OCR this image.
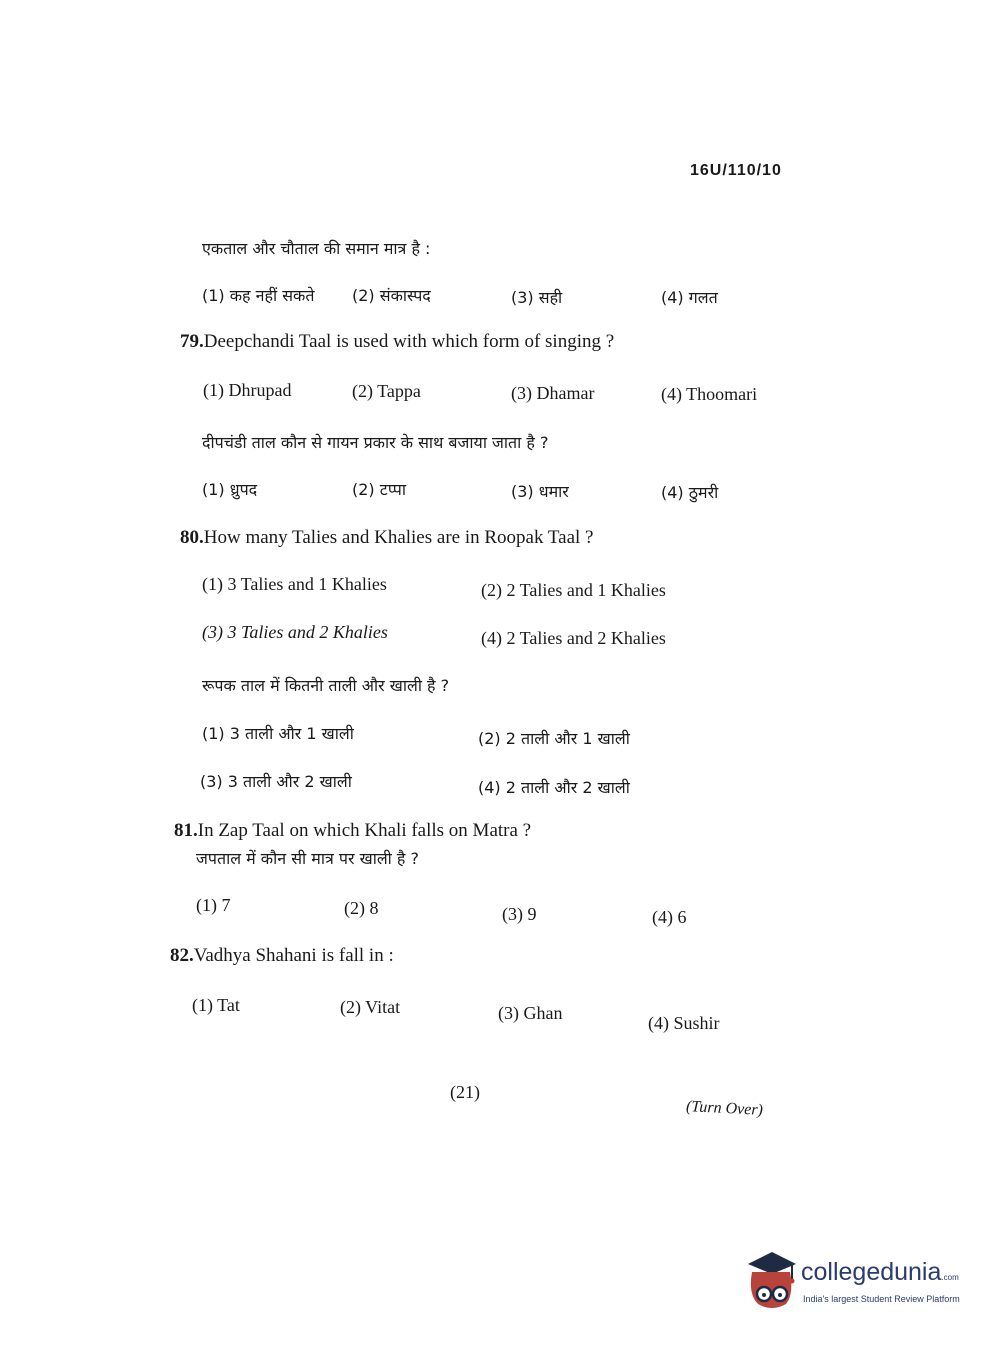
16U/110/10
एकताल और चौताल की समान मात्र है :
(1) कह नहीं सकते (2) संकास्पद	(3) सही	(4) गलत
79.Deepchandi Taal is used with which form of singing ?
(1) Dhrupad	(2) Tappa	(3) Dhamar	(4) Thoomari
दीपचंडी ताल कौन से गायन प्रकार के साथ बजाया जाता है ?
(1) ध्रुपद	(2) टप्पा	(3) धमार	(4) ठुमरी
80.How many Talies and Khalies are in Roopak Taal ?
(1) 3 Talies and 1 Khalies	(2) 2 Talies and 1 Khalies
(3) 3 Talies and 2 Khalies	(4) 2 Talies and 2 Khalies
रूपक ताल में कितनी ताली और खाली है ?
(1) 3 ताली और 1 खाली	(2) 2 ताली और 1 खाली
(3) 3 ताली और 2 खाली	(4) 2 ताली और 2 खाली
81.In Zap Taal on which Khali falls on Matra ?
जपताल में कौन सी मात्र पर खाली है ?
(1) 7	(2) 8	(3) 9	(4) 6
82.Vadhya Shahani is fall in :
(1) Tat	(2) Vitat	(3) Ghan	(4) Sushir
(21)
(Turn Over)
collegedunia.com
India's largest Student Review Platform
